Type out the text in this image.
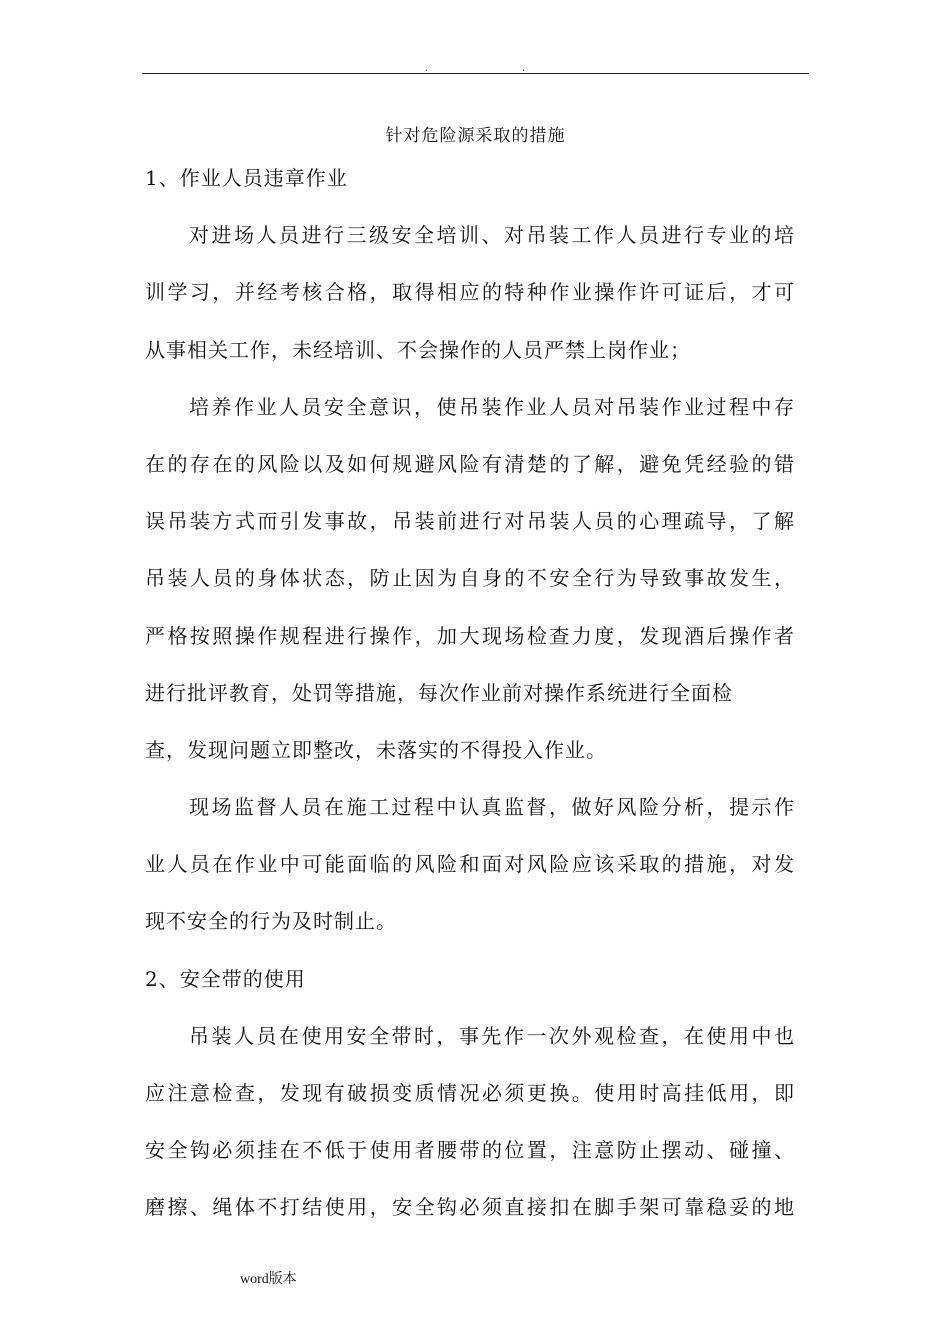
.	.
针对危险源采取的措施
1、作业人员违章作业
对进场人员进行三级安全培训、对吊装工作人员进行专业的培
训学习，并经考核合格，取得相应的特种作业操作许可证后，才可
从事相关工作，未经培训、不会操作的人员严禁上岗作业；
培养作业人员安全意识，使吊装作业人员对吊装作业过程中存
在的存在的风险以及如何规避风险有清楚的了解，避免凭经验的错
误吊装方式而引发事故，吊装前进行对吊装人员的心理疏导，了解
吊装人员的身体状态，防止因为自身的不安全行为导致事故发生，
严格按照操作规程进行操作，加大现场检查力度，发现酒后操作者
进行批评教育，处罚等措施，每次作业前对操作系统进行全面检
查，发现问题立即整改，未落实的不得投入作业。
现场监督人员在施工过程中认真监督，做好风险分析，提示作
业人员在作业中可能面临的风险和面对风险应该采取的措施，对发
现不安全的行为及时制止。
2、安全带的使用
吊装人员在使用安全带时，事先作一次外观检查，在使用中也
应注意检查，发现有破损变质情况必须更换。使用时高挂低用，即
安全钩必须挂在不低于使用者腰带的位置，注意防止摆动、碰撞、
磨擦、绳体不打结使用，安全钩必须直接扣在脚手架可靠稳妥的地
word版本
